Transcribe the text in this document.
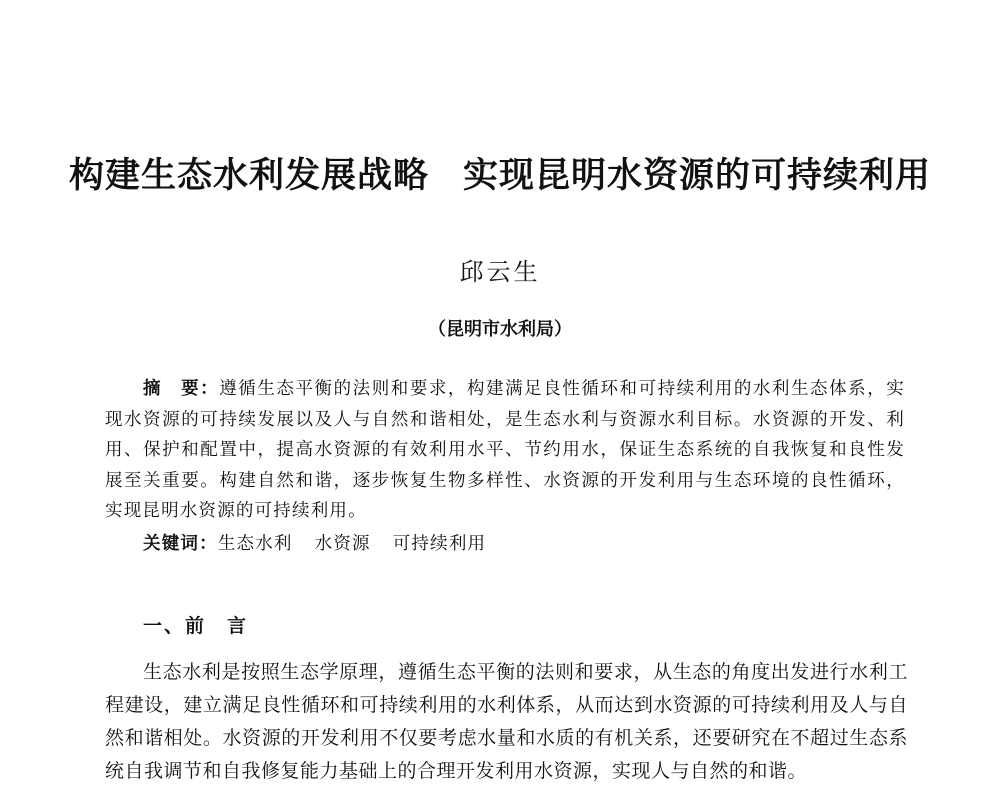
构建生态水利发展战略 实现昆明水资源的可持续利用
邱云生
（昆明市水利局）

摘　要：遵循生态平衡的法则和要求，构建满足良性循环和可持续利用的水利生态体系，实现水资源的可持续发展以及人与自然和谐相处，是生态水利与资源水利目标。水资源的开发、利用、保护和配置中，提高水资源的有效利用水平、节约用水，保证生态系统的自我恢复和良性发展至关重要。构建自然和谐，逐步恢复生物多样性、水资源的开发利用与生态环境的良性循环，实现昆明水资源的可持续利用。

关键词：生态水利 水资源 可持续利用
一、前　言

生态水利是按照生态学原理，遵循生态平衡的法则和要求，从生态的角度出发进行水利工程建设，建立满足良性循环和可持续利用的水利体系，从而达到水资源的可持续利用及人与自然和谐相处。水资源的开发利用不仅要考虑水量和水质的有机关系，还要研究在不超过生态系统自我调节和自我修复能力基础上的合理开发利用水资源，实现人与自然的和谐。
